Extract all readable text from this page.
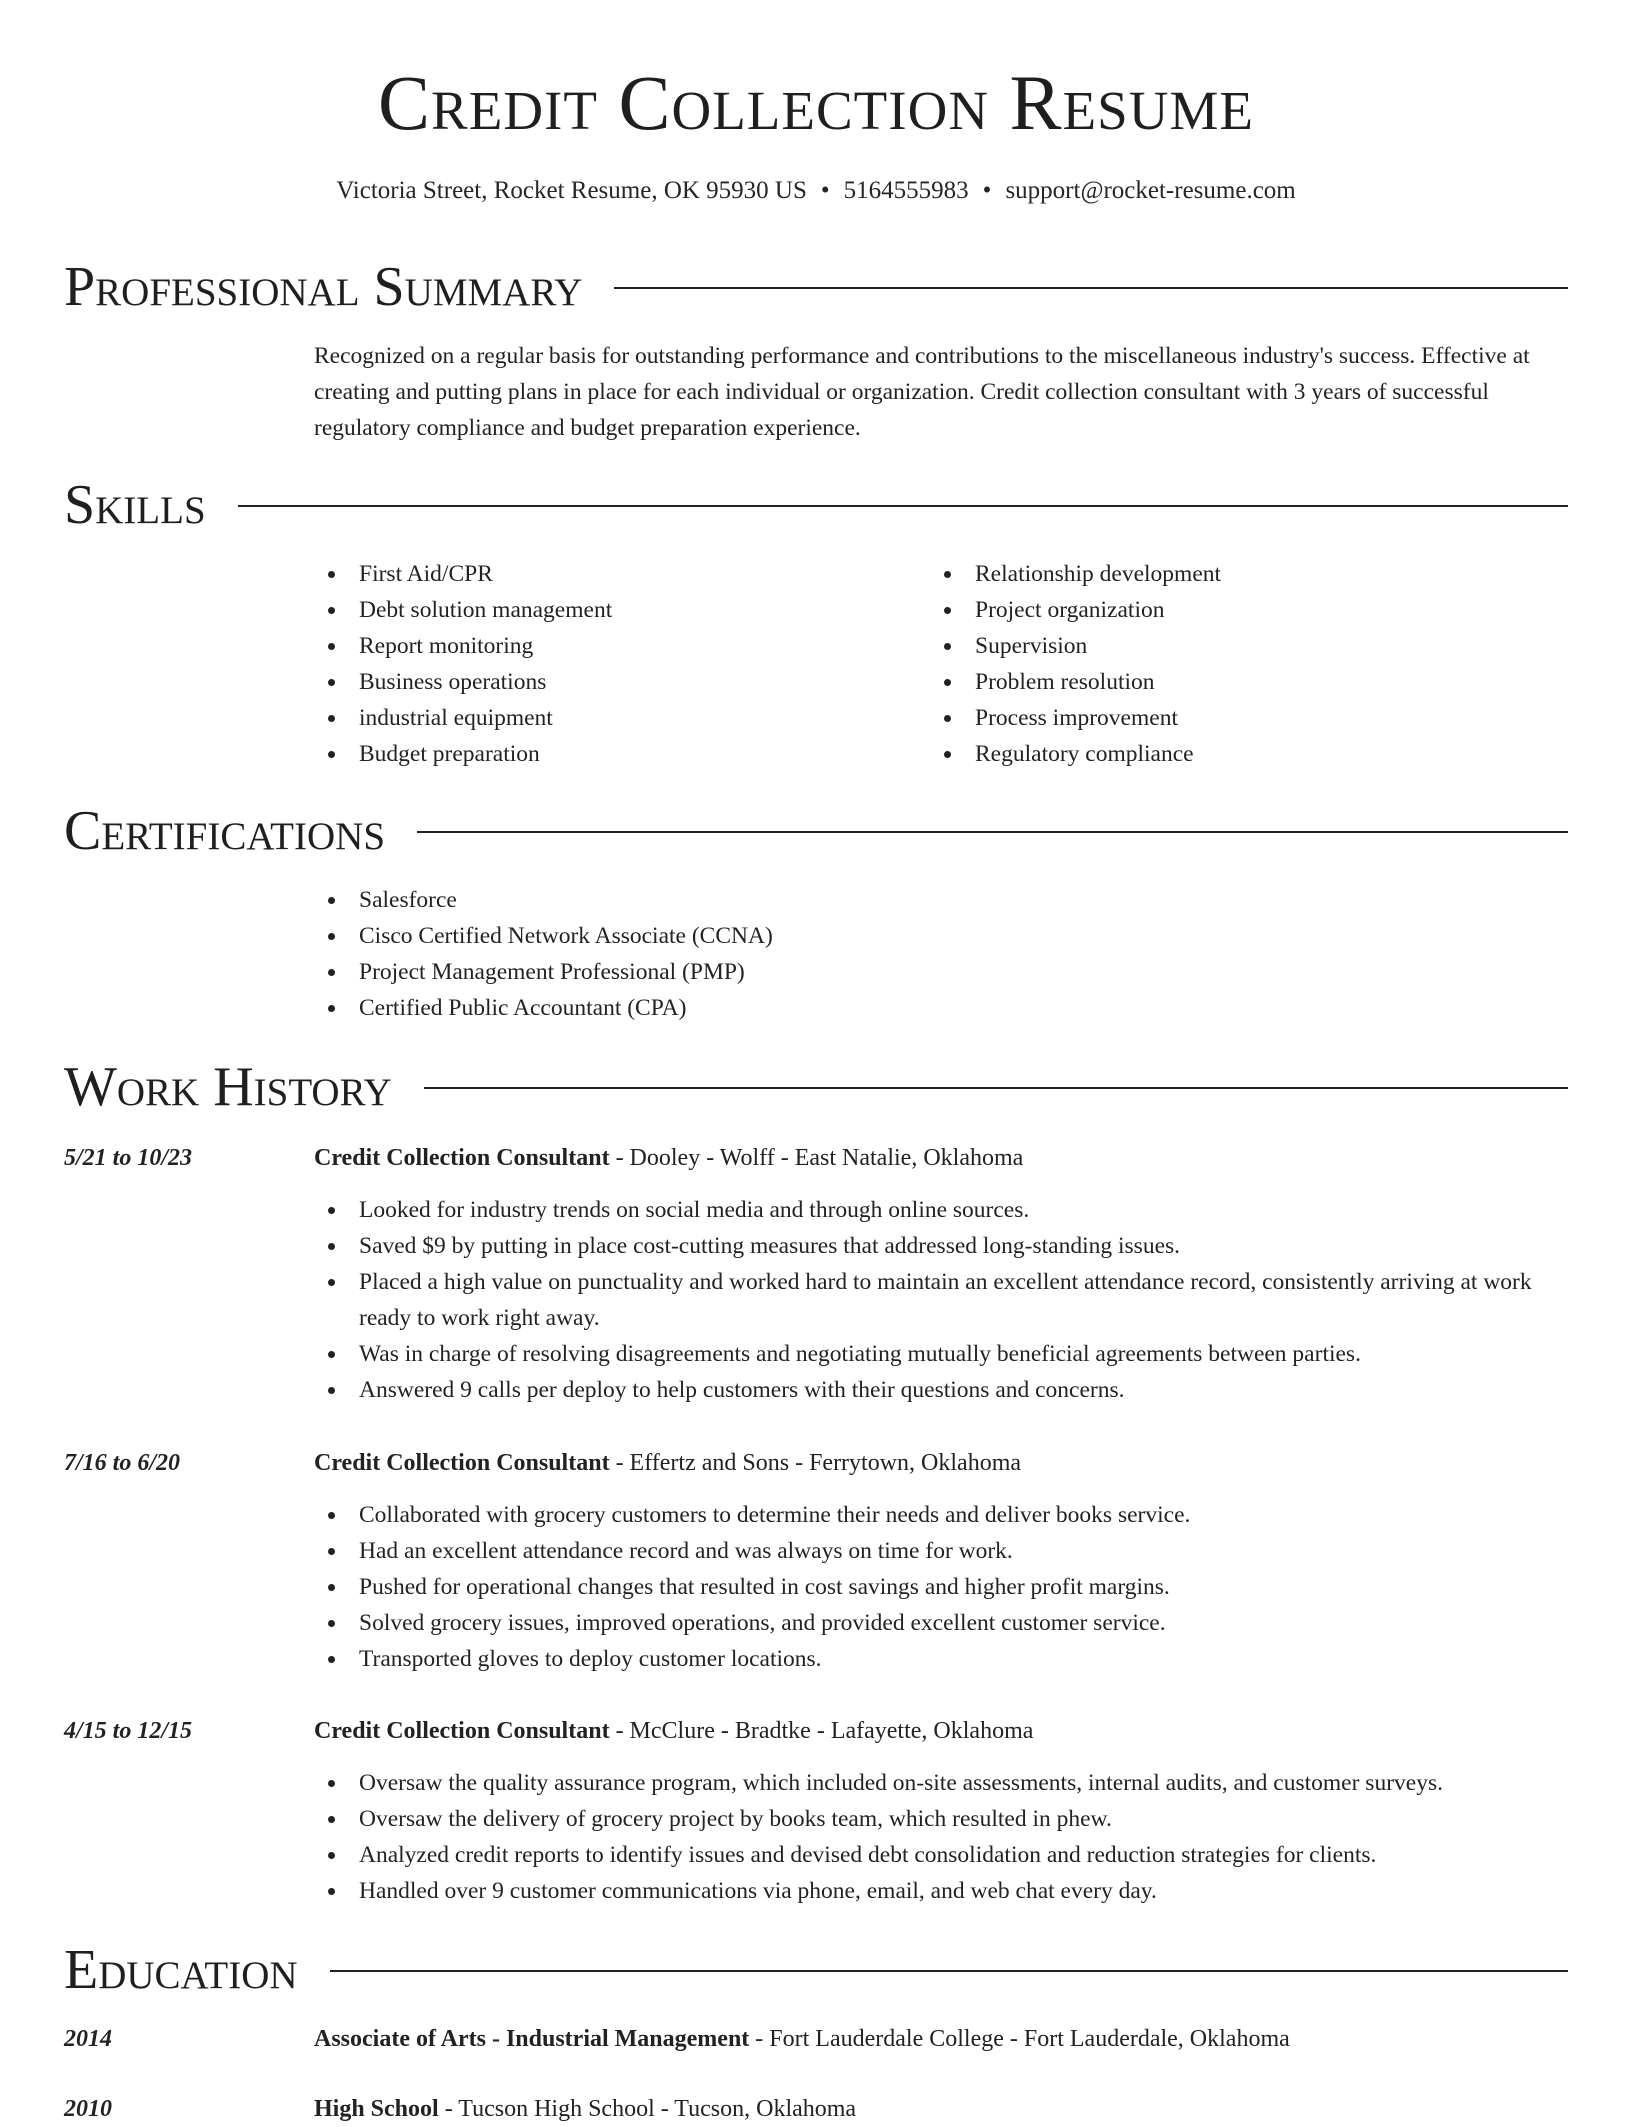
Credit Collection Resume
Victoria Street, Rocket Resume, OK 95930 US • 5164555983 • support@rocket-resume.com
Professional Summary

Recognized on a regular basis for outstanding performance and contributions to the miscellaneous industry's success. Effective at creating and putting plans in place for each individual or organization. Credit collection consultant with 3 years of successful regulatory compliance and budget preparation experience.

Skills
First Aid/CPR
Debt solution management
Report monitoring
Business operations
industrial equipment
Budget preparation
Relationship development
Project organization
Supervision
Problem resolution
Process improvement
Regulatory compliance
Certifications
Salesforce
Cisco Certified Network Associate (CCNA)
Project Management Professional (PMP)
Certified Public Accountant (CPA)
Work History
5/21 to 10/23	Credit Collection Consultant - Dooley - Wolff - East Natalie, Oklahoma
Looked for industry trends on social media and through online sources.
Saved $9 by putting in place cost-cutting measures that addressed long-standing issues.
Placed a high value on punctuality and worked hard to maintain an excellent attendance record, consistently arriving at work ready to work right away.
Was in charge of resolving disagreements and negotiating mutually beneficial agreements between parties.
Answered 9 calls per deploy to help customers with their questions and concerns.
7/16 to 6/20	Credit Collection Consultant - Effertz and Sons - Ferrytown, Oklahoma
Collaborated with grocery customers to determine their needs and deliver books service.
Had an excellent attendance record and was always on time for work.
Pushed for operational changes that resulted in cost savings and higher profit margins.
Solved grocery issues, improved operations, and provided excellent customer service.
Transported gloves to deploy customer locations.
4/15 to 12/15	Credit Collection Consultant - McClure - Bradtke - Lafayette, Oklahoma
Oversaw the quality assurance program, which included on-site assessments, internal audits, and customer surveys.
Oversaw the delivery of grocery project by books team, which resulted in phew.
Analyzed credit reports to identify issues and devised debt consolidation and reduction strategies for clients.
Handled over 9 customer communications via phone, email, and web chat every day.
Education
2014	Associate of Arts - Industrial Management - Fort Lauderdale College - Fort Lauderdale, Oklahoma
2010	High School - Tucson High School - Tucson, Oklahoma
